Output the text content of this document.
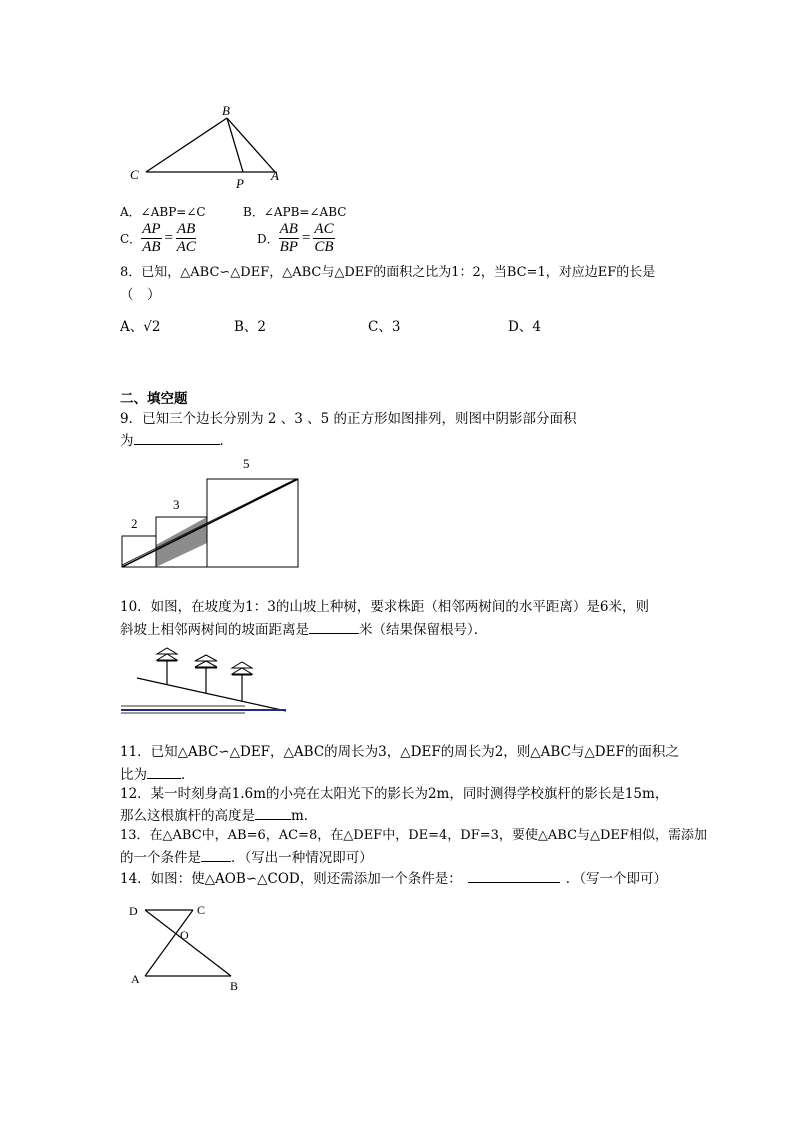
B
C
P
A
A．∠ABP=∠C	B．∠APB=∠ABC
C． $\frac{AP}{AB} = \frac{AB}{AC}$	D． $\frac{AB}{BP} = \frac{AC}{CB}$
8．已知，△ABC∽△DEF，△ABC与△DEF的面积之比为1：2，当BC=1，对应边EF的长是
（　）
A、√2	B、2	C、3	D、4
二、填空题
9．已知三个边长分别为 2 、3 、5 的正方形如图排列，则图中阴影部分面积
为	．
2
3
5
10．如图，在坡度为1：3的山坡上种树，要求株距（相邻两树间的水平距离）是6米，则
斜坡上相邻两树间的坡面距离是	米（结果保留根号）．
11．已知△ABC∽△DEF，△ABC的周长为3，△DEF的周长为2，则△ABC与△DEF的面积之
比为	．
12．某一时刻身高1.6m的小亮在太阳光下的影长为2m，同时测得学校旗杆的影长是15m，
那么这根旗杆的高度是	m．
13．在△ABC中，AB=6，AC=8，在△DEF中，DE=4，DF=3，要使△ABC与△DEF相似，需添加
的一个条件是 ．（写出一种情况即可）
14．如图：使△AOB∽△COD，则还需添加一个条件是：	．（写一个即可）
D	C
O
A	B
